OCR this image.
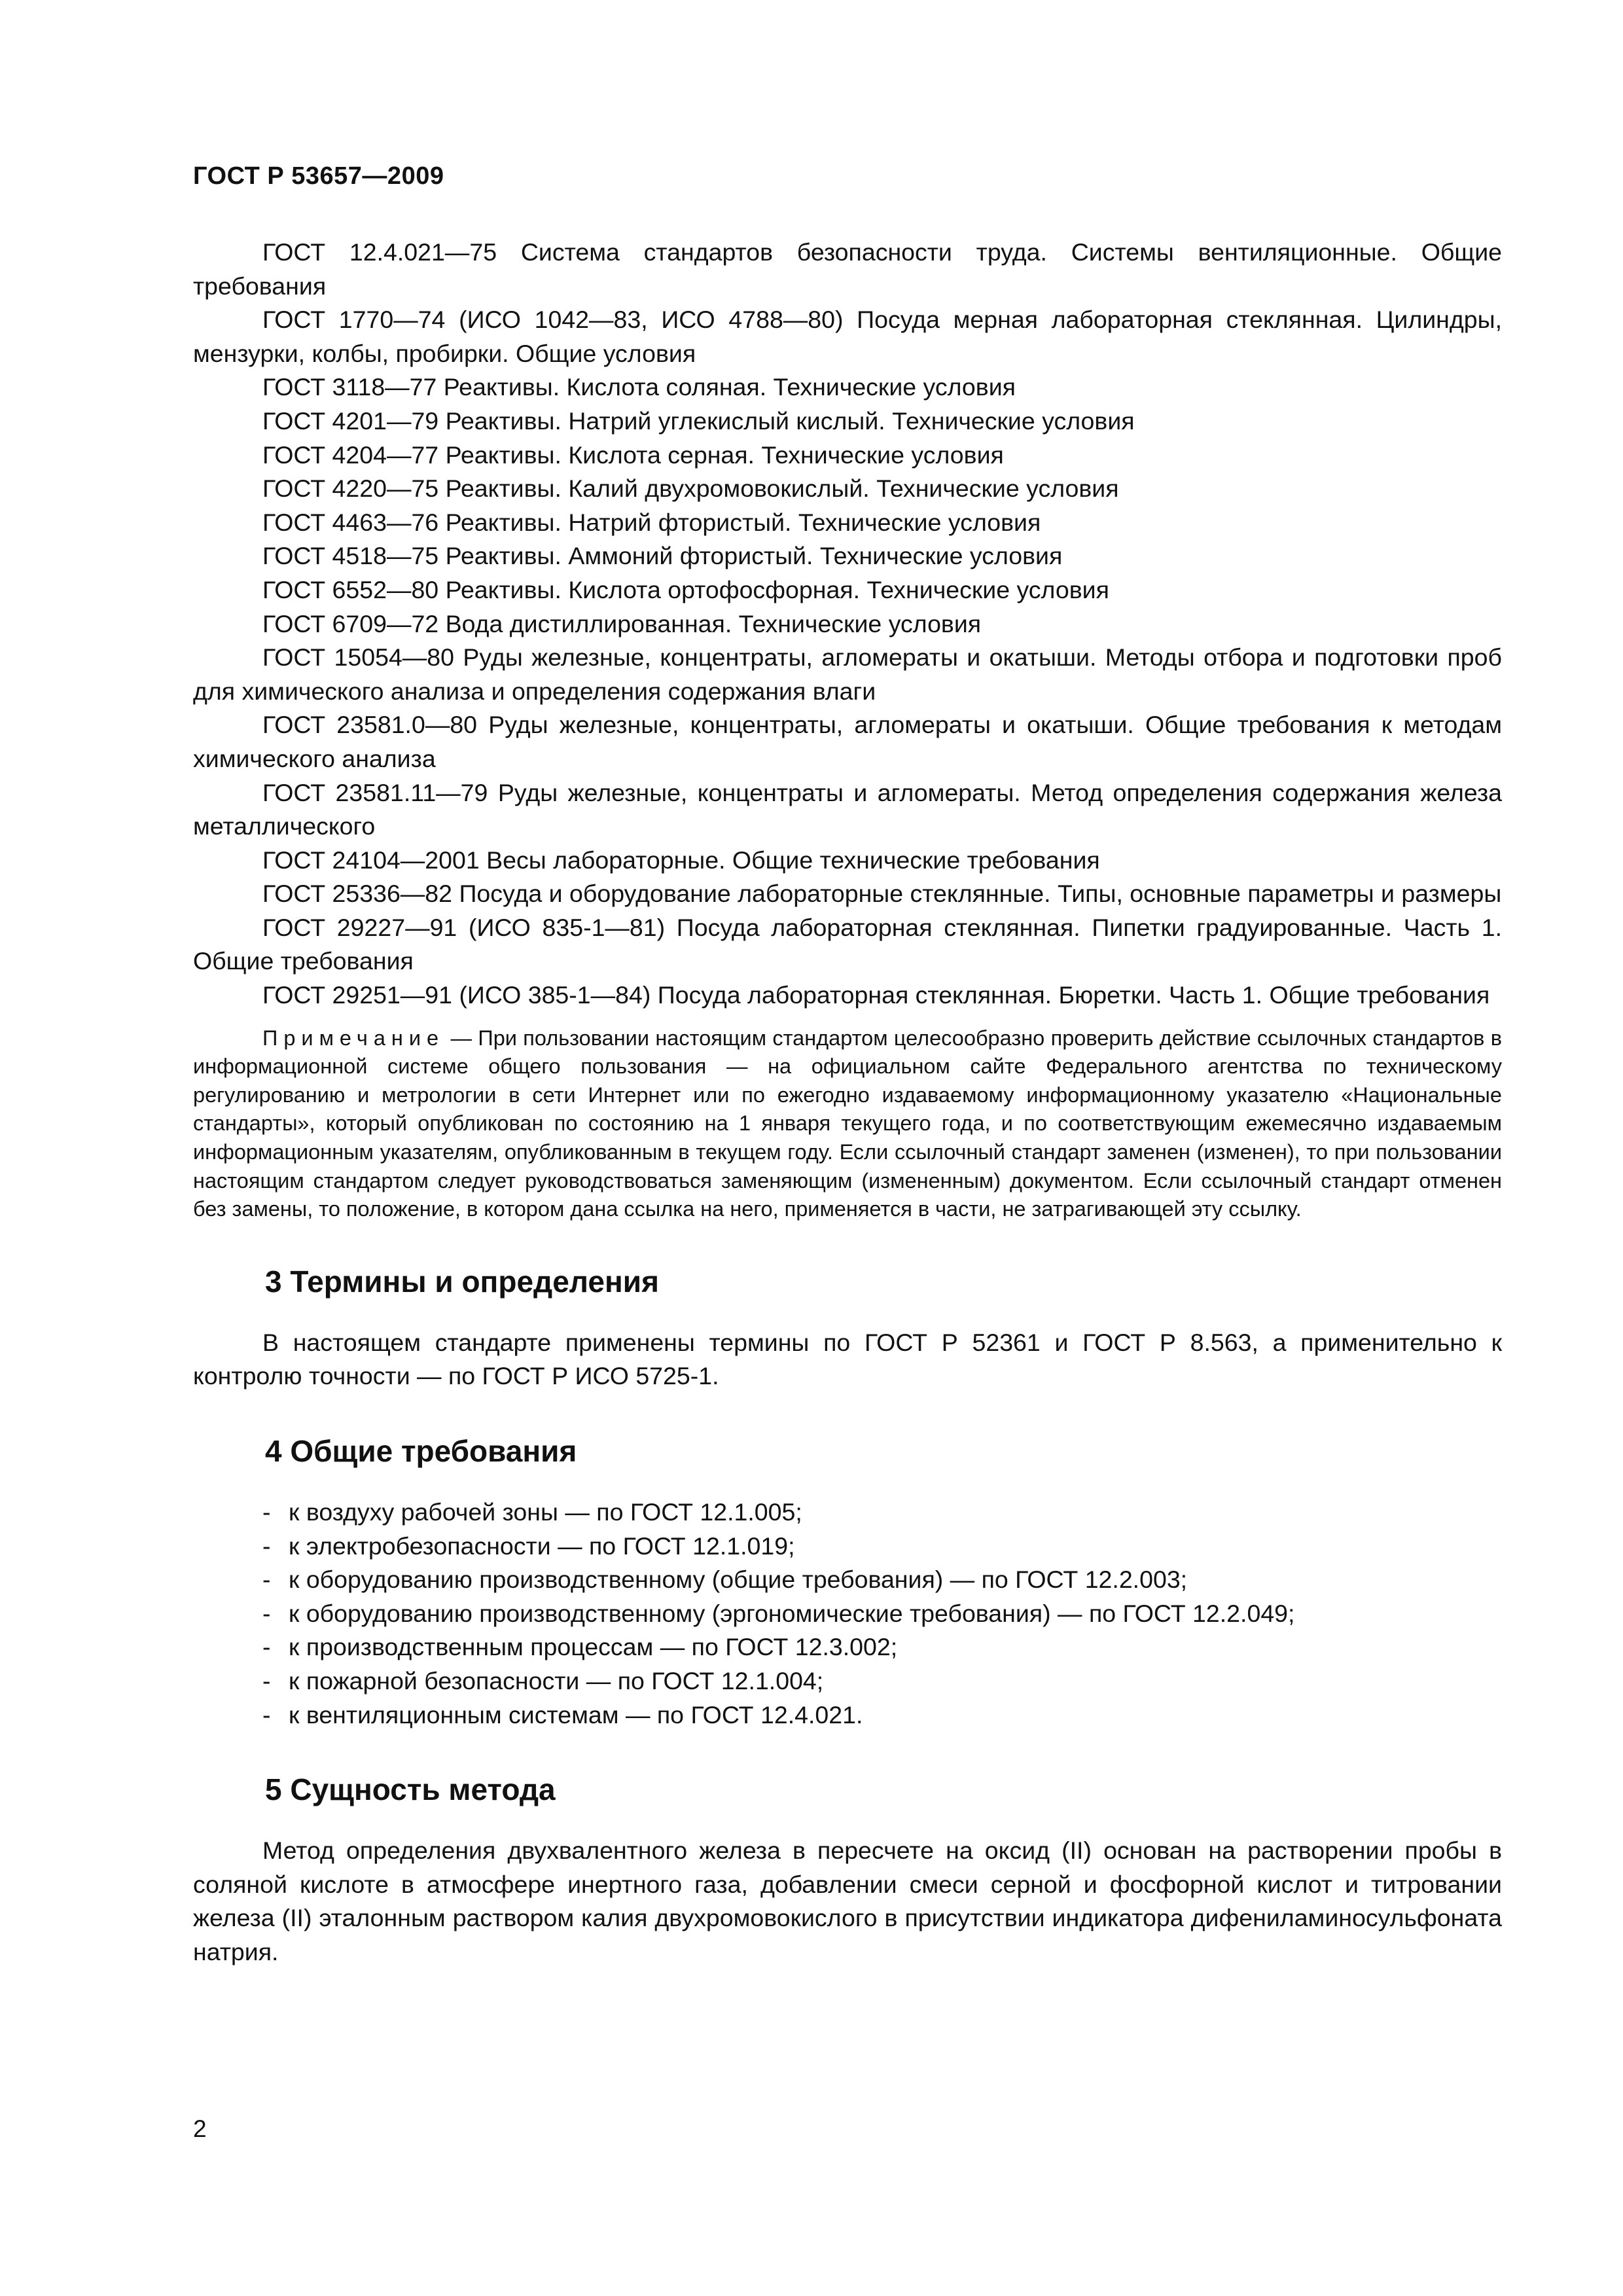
ГОСТ Р 53657—2009

ГОСТ 12.4.021—75 Система стандартов безопасности труда. Системы вентиляционные. Общие требования

ГОСТ 1770—74 (ИСО 1042—83, ИСО 4788—80) Посуда мерная лабораторная стеклянная. Цилиндры, мензурки, колбы, пробирки. Общие условия

ГОСТ 3118—77 Реактивы. Кислота соляная. Технические условия

ГОСТ 4201—79 Реактивы. Натрий углекислый кислый. Технические условия

ГОСТ 4204—77 Реактивы. Кислота серная. Технические условия

ГОСТ 4220—75 Реактивы. Калий двухромовокислый. Технические условия

ГОСТ 4463—76 Реактивы. Натрий фтористый. Технические условия

ГОСТ 4518—75 Реактивы. Аммоний фтористый. Технические условия

ГОСТ 6552—80 Реактивы. Кислота ортофосфорная. Технические условия

ГОСТ 6709—72 Вода дистиллированная. Технические условия

ГОСТ 15054—80 Руды железные, концентраты, агломераты и окатыши. Методы отбора и подготовки проб для химического анализа и определения содержания влаги

ГОСТ 23581.0—80 Руды железные, концентраты, агломераты и окатыши. Общие требования к методам химического анализа

ГОСТ 23581.11—79 Руды железные, концентраты и агломераты. Метод определения содержания железа металлического

ГОСТ 24104—2001 Весы лабораторные. Общие технические требования

ГОСТ 25336—82 Посуда и оборудование лабораторные стеклянные. Типы, основные параметры и размеры

ГОСТ 29227—91 (ИСО 835-1—81) Посуда лабораторная стеклянная. Пипетки градуированные. Часть 1. Общие требования

ГОСТ 29251—91 (ИСО 385-1—84) Посуда лабораторная стеклянная. Бюретки. Часть 1. Общие требования

Примечание — При пользовании настоящим стандартом целесообразно проверить действие ссылочных стандартов в информационной системе общего пользования — на официальном сайте Федерального агентства по техническому регулированию и метрологии в сети Интернет или по ежегодно издаваемому информационному указателю «Национальные стандарты», который опубликован по состоянию на 1 января текущего года, и по соответствующим ежемесячно издаваемым информационным указателям, опубликованным в текущем году. Если ссылочный стандарт заменен (изменен), то при пользовании настоящим стандартом следует руководствоваться заменяющим (измененным) документом. Если ссылочный стандарт отменен без замены, то положение, в котором дана ссылка на него, применяется в части, не затрагивающей эту ссылку.
3 Термины и определения

В настоящем стандарте применены термины по ГОСТ Р 52361 и ГОСТ Р 8.563, а применительно к контролю точности — по ГОСТ Р ИСО 5725-1.

4 Общие требования
- к воздуху рабочей зоны — по ГОСТ 12.1.005;
- к электробезопасности — по ГОСТ 12.1.019;
- к оборудованию производственному (общие требования) — по ГОСТ 12.2.003;
- к оборудованию производственному (эргономические требования) — по ГОСТ 12.2.049;
- к производственным процессам — по ГОСТ 12.3.002;
- к пожарной безопасности — по ГОСТ 12.1.004;
- к вентиляционным системам — по ГОСТ 12.4.021.
5 Сущность метода

Метод определения двухвалентного железа в пересчете на оксид (II) основан на растворении пробы в соляной кислоте в атмосфере инертного газа, добавлении смеси серной и фосфорной кислот и титровании железа (II) эталонным раствором калия двухромовокислого в присутствии индикатора дифениламиносульфоната натрия.

2
